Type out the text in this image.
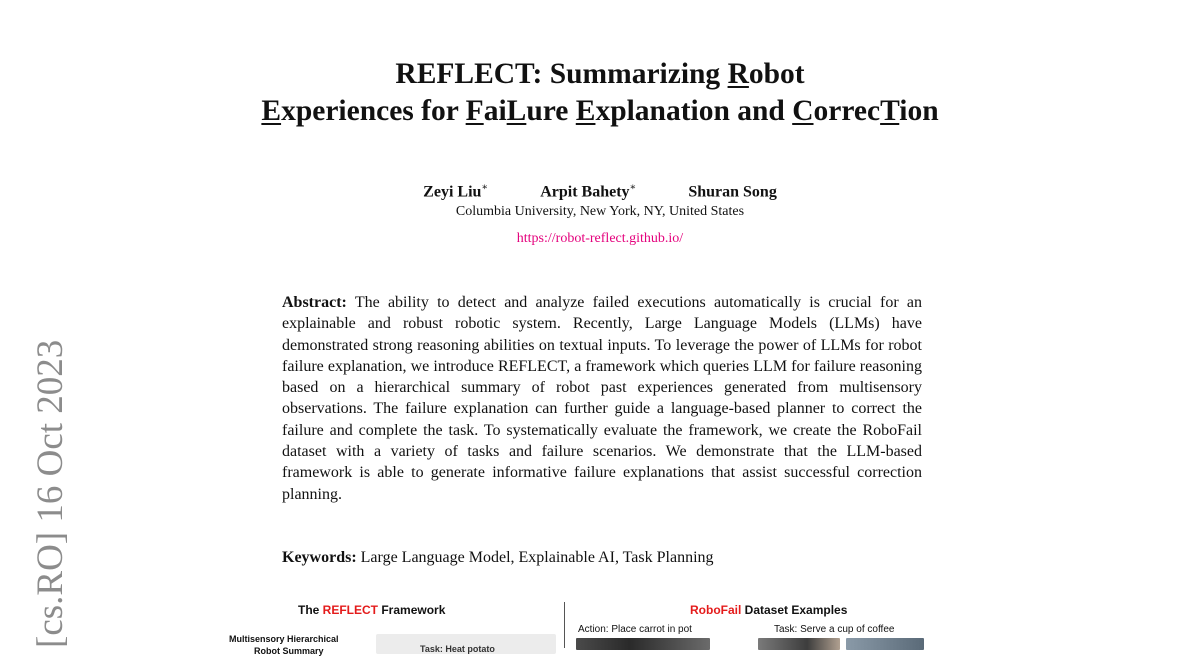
[cs.RO] 16 Oct 2023
REFLECT: Summarizing Robot
Experiences for FaiLure Explanation and CorrecTion
Zeyi Liu∗	Arpit Bahety∗	Shuran Song
Columbia University, New York, NY, United States
https://robot-reflect.github.io/

Abstract: The ability to detect and analyze failed executions automatically is crucial for an explainable and robust robotic system. Recently, Large Language Models (LLMs) have demonstrated strong reasoning abilities on textual inputs. To leverage the power of LLMs for robot failure explanation, we introduce REFLECT, a framework which queries LLM for failure reasoning based on a hierarchical summary of robot past experiences generated from multisensory observations. The failure explanation can further guide a language-based planner to correct the failure and complete the task. To systematically evaluate the framework, we create the RoboFail dataset with a variety of tasks and failure scenarios. We demonstrate that the LLM-based framework is able to generate informative failure explanations that assist successful correction planning.

Keywords: Large Language Model, Explainable AI, Task Planning

The REFLECT Framework
Multisensory Hierarchical
Robot Summary	Task: Heat potato
RoboFail Dataset Examples
Action: Place carrot in pot	Task: Serve a cup of coffee
